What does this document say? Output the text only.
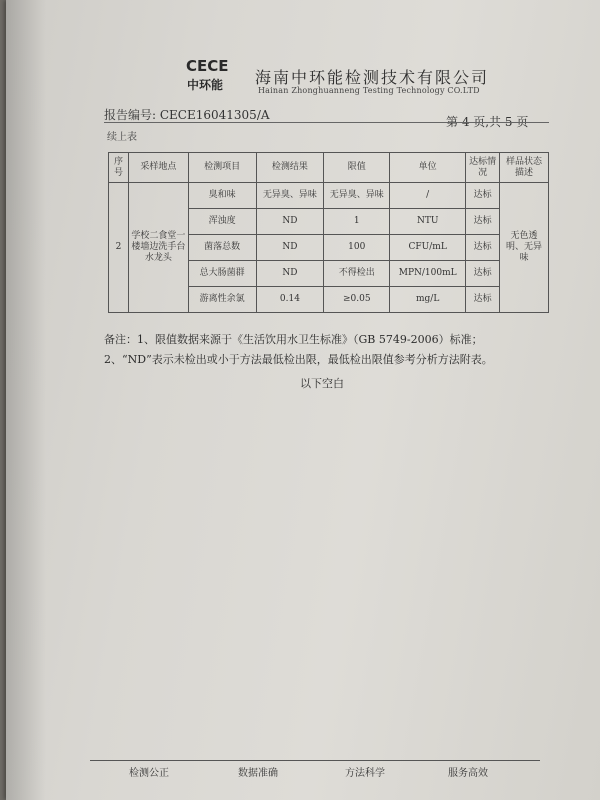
CECE
中环能 海南中环能检测技术有限公司
Hainan Zhonghuanneng Testing Technology CO.LTD
报告编号: CECE16041305/A	第 4 页,共 5 页
续上表
序号	采样地点	检测项目	检测结果	限值	单位	达标情况	样品状态描述
2	学校二食堂一楼墙边洗手台水龙头	臭和味	无异臭、异味	无异臭、异味	/	达标	无色透明、无异味
		浑浊度	ND	1	NTU	达标	
		菌落总数	ND	100	CFU/mL	达标	
		总大肠菌群	ND	不得检出	MPN/100mL	达标	
		游离性余氯	0.14	≥0.05	mg/L	达标	
备注：1、限值数据来源于《生活饮用水卫生标准》（GB 5749-2006）标准；
2、“ND”表示未检出或小于方法最低检出限，最低检出限值参考分析方法附表。
以下空白
检测公正	数据准确	方法科学	服务高效
